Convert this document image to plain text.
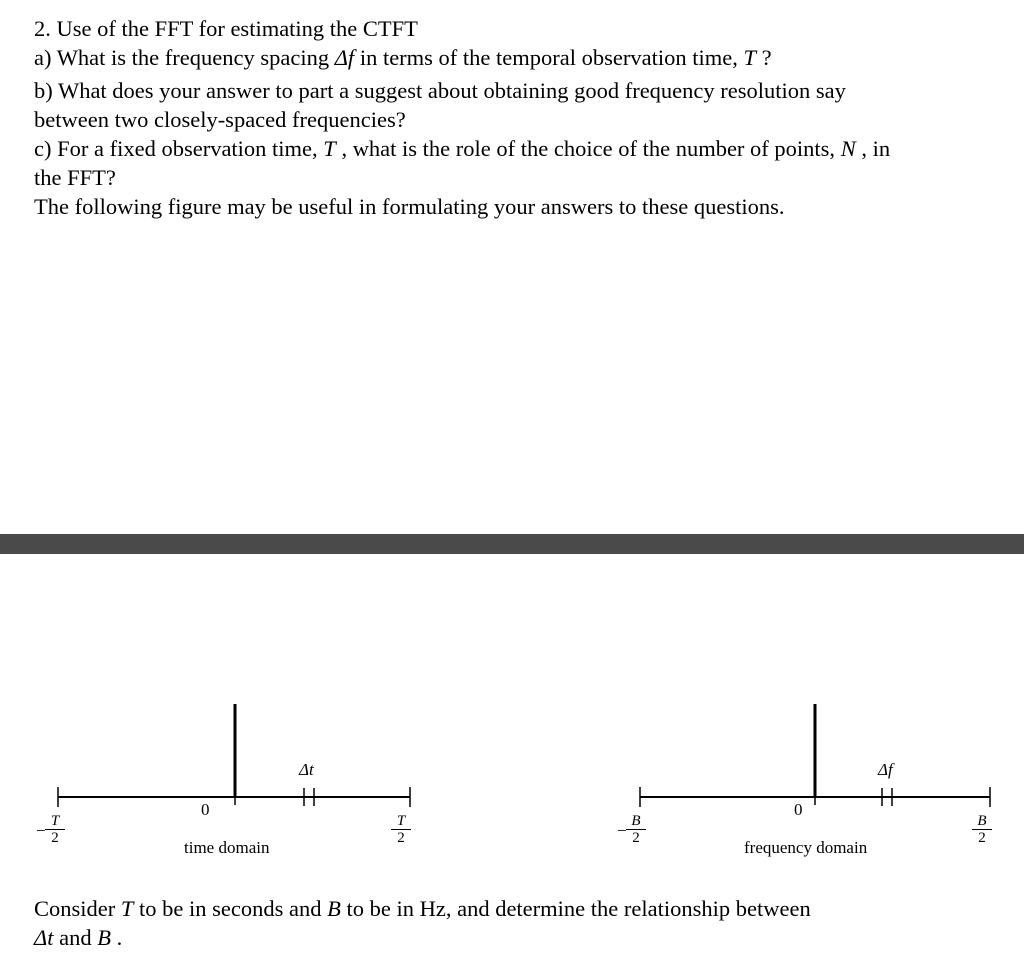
2. Use of the FFT for estimating the CTFT
a) What is the frequency spacing Δf in terms of the temporal observation time, T ?
b) What does your answer to part a suggest about obtaining good frequency resolution say
between two closely-spaced frequencies?
c) For a fixed observation time, T , what is the role of the choice of the number of points, N , in
the FFT?
The following figure may be useful in formulating your answers to these questions.
0
Δt
− $\frac{T}{2}$	$\frac{T}{2}$
time domain
0
Δf
− $\frac{B}{2}$	$\frac{B}{2}$
frequency domain
Consider T to be in seconds and B to be in Hz, and determine the relationship between
Δt and B .
